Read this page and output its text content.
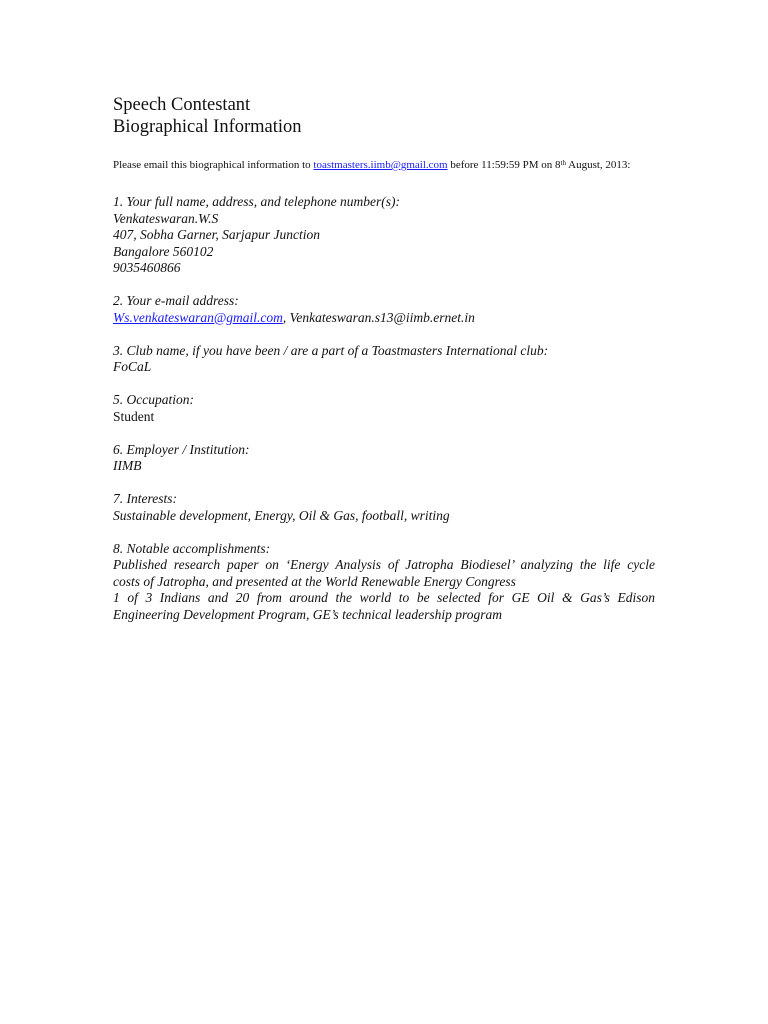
Speech Contestant
Biographical Information
Please email this biographical information to toastmasters.iimb@gmail.com before 11:59:59 PM on 8th August, 2013:
1. Your full name, address, and telephone number(s):
Venkateswaran.W.S
407, Sobha Garner, Sarjapur Junction
Bangalore 560102
9035460866
2. Your e-mail address:
Ws.venkateswaran@gmail.com, Venkateswaran.s13@iimb.ernet.in
3. Club name, if you have been / are a part of a Toastmasters International club:
FoCaL
5. Occupation:
Student
6. Employer / Institution:
IIMB
7. Interests:
Sustainable development, Energy, Oil & Gas, football, writing
8. Notable accomplishments:
Published research paper on ‘Energy Analysis of Jatropha Biodiesel’ analyzing the life cycle
costs of Jatropha, and presented at the World Renewable Energy Congress
1 of 3 Indians and 20 from around the world to be selected for GE Oil & Gas’s Edison
Engineering Development Program, GE’s technical leadership program
